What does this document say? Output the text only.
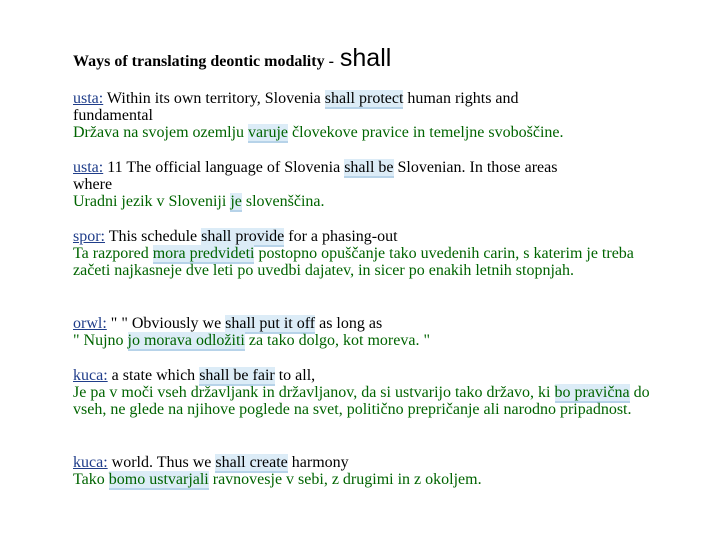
Ways of translating deontic modality - shall
usta: Within its own territory, Slovenia shall protect human rights and
fundamental
Država na svojem ozemlju varuje človekove pravice in temeljne svoboščine.
usta: 11 The official language of Slovenia shall be Slovenian. In those areas
where
Uradni jezik v Sloveniji je slovenščina.
spor: This schedule shall provide for a phasing-out
Ta razpored mora predvideti postopno opuščanje tako uvedenih carin, s katerim je treba začeti najkasneje dve leti po uvedbi dajatev, in sicer po enakih letnih stopnjah.
orwl: " " Obviously we shall put it off as long as
" Nujno jo morava odložiti za tako dolgo, kot moreva. "
kuca: a state which shall be fair to all,
Je pa v moči vseh državljank in državljanov, da si ustvarijo tako državo, ki bo pravična do vseh, ne glede na njihove poglede na svet, politično prepričanje ali narodno pripadnost.
kuca: world. Thus we shall create harmony
Tako bomo ustvarjali ravnovesje v sebi, z drugimi in z okoljem.
